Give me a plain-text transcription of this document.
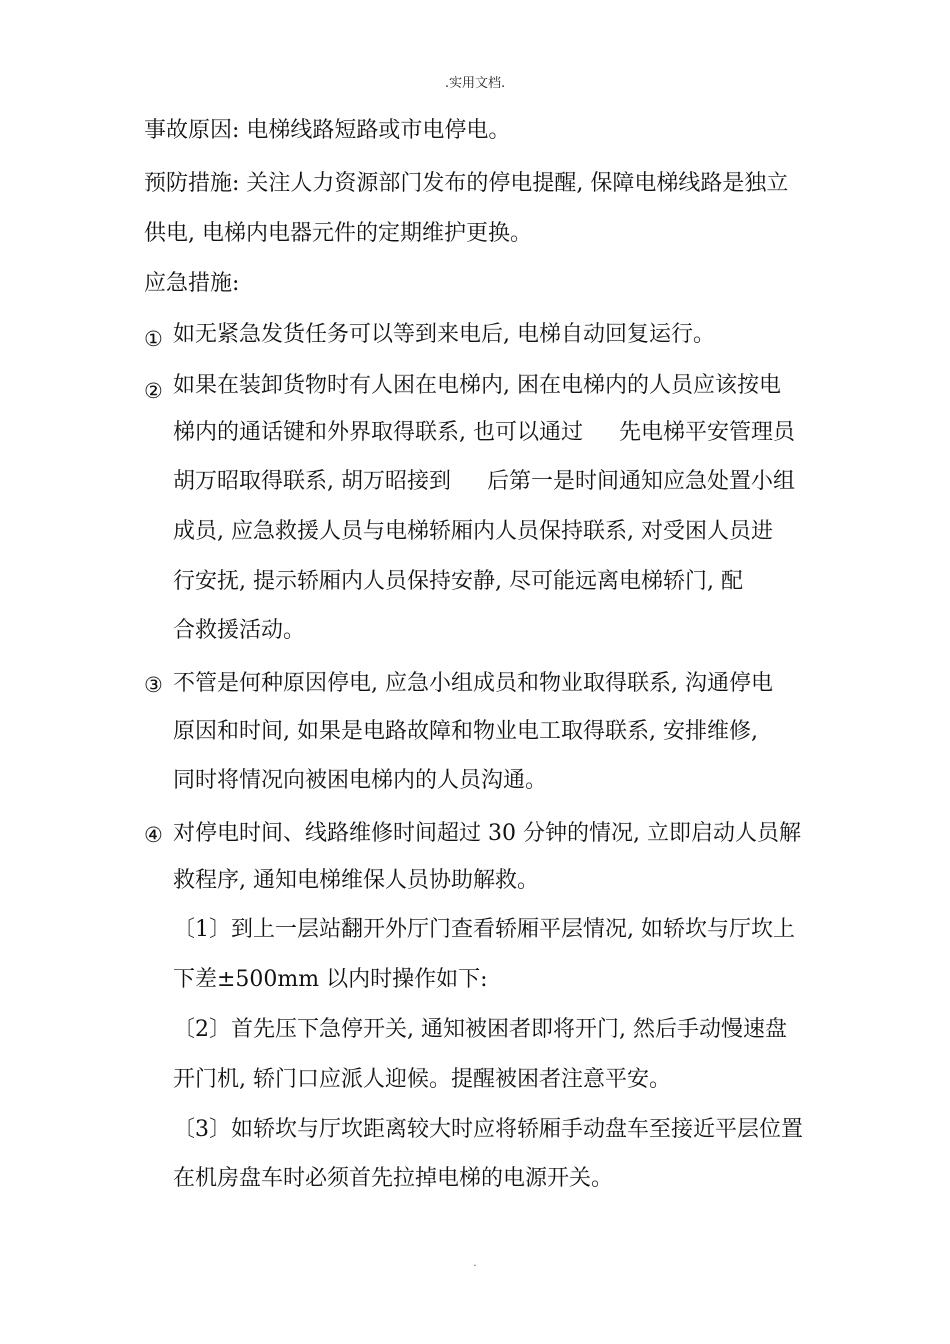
.实用文档.
事故原因: 电梯线路短路或市电停电。
预防措施: 关注人力资源部门发布的停电提醒, 保障电梯线路是独立
供电, 电梯内电器元件的定期维护更换。
应急措施:
① 如无紧急发货任务可以等到来电后, 电梯自动回复运行。
② 如果在装卸货物时有人困在电梯内, 困在电梯内的人员应该按电
梯内的通话键和外界取得联系, 也可以通过 先电梯平安管理员
胡万昭取得联系, 胡万昭接到 后第一是时间通知应急处置小组
成员, 应急救援人员与电梯轿厢内人员保持联系, 对受困人员进
行安抚, 提示轿厢内人员保持安静, 尽可能远离电梯轿门, 配
合救援活动。
③ 不管是何种原因停电, 应急小组成员和物业取得联系, 沟通停电
原因和时间, 如果是电路故障和物业电工取得联系, 安排维修,
同时将情况向被困电梯内的人员沟通。
④ 对停电时间、线路维修时间超过 30 分钟的情况, 立即启动人员解
救程序, 通知电梯维保人员协助解救。
〔1〕到上一层站翻开外厅门查看轿厢平层情况, 如轿坎与厅坎上
下差±500mm 以内时操作如下:
〔2〕首先压下急停开关, 通知被困者即将开门, 然后手动慢速盘
开门机, 轿门口应派人迎候。提醒被困者注意平安。
〔3〕如轿坎与厅坎距离较大时应将轿厢手动盘车至接近平层位置
在机房盘车时必须首先拉掉电梯的电源开关。
.
